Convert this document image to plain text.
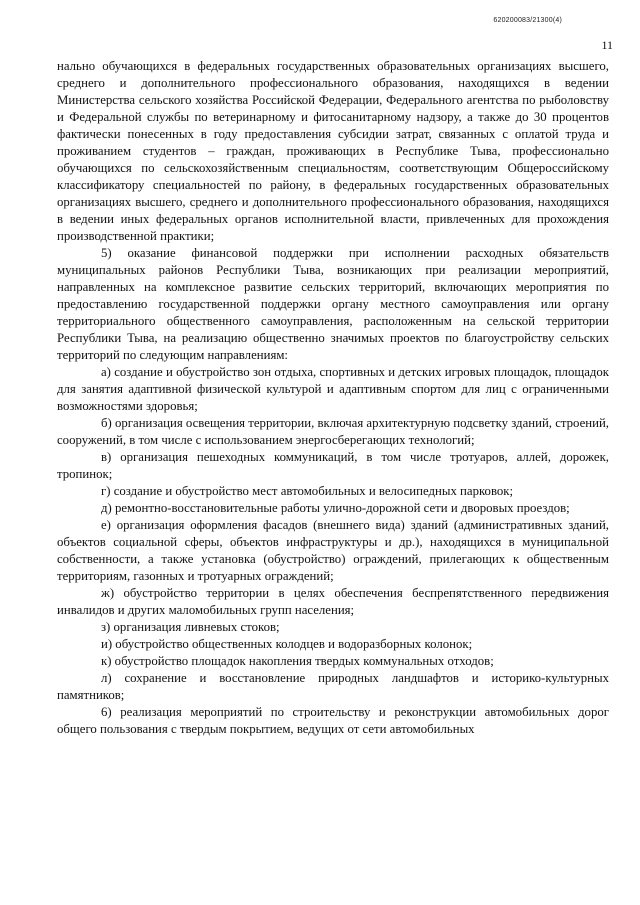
620200083/21300(4)
11

нально обучающихся в федеральных государственных образовательных организациях высшего, среднего и дополнительного профессионального образования, находящихся в ведении Министерства сельского хозяйства Российской Федерации, Федерального агентства по рыболовству и Федеральной службы по ветеринарному и фитосанитарному надзору, а также до 30 процентов фактически понесенных в году предоставления субсидии затрат, связанных с оплатой труда и проживанием студентов – граждан, проживающих в Республике Тыва, профессионально обучающихся по сельскохозяйственным специальностям, соответствующим Общероссийскому классификатору специальностей по району, в федеральных государственных образовательных организациях высшего, среднего и дополнительного профессионального образования, находящихся в ведении иных федеральных органов исполнительной власти, привлеченных для прохождения производственной практики;

5) оказание финансовой поддержки при исполнении расходных обязательств муниципальных районов Республики Тыва, возникающих при реализации мероприятий, направленных на комплексное развитие сельских территорий, включающих мероприятия по предоставлению государственной поддержки органу местного самоуправления или органу территориального общественного самоуправления, расположенным на сельской территории Республики Тыва, на реализацию общественно значимых проектов по благоустройству сельских территорий по следующим направлениям:

а) создание и обустройство зон отдыха, спортивных и детских игровых площадок, площадок для занятия адаптивной физической культурой и адаптивным спортом для лиц с ограниченными возможностями здоровья;

б) организация освещения территории, включая архитектурную подсветку зданий, строений, сооружений, в том числе с использованием энергосберегающих технологий;

в) организация пешеходных коммуникаций, в том числе тротуаров, аллей, дорожек, тропинок;

г) создание и обустройство мест автомобильных и велосипедных парковок;

д) ремонтно-восстановительные работы улично-дорожной сети и дворовых проездов;

е) организация оформления фасадов (внешнего вида) зданий (административных зданий, объектов социальной сферы, объектов инфраструктуры и др.), находящихся в муниципальной собственности, а также установка (обустройство) ограждений, прилегающих к общественным территориям, газонных и тротуарных ограждений;

ж) обустройство территории в целях обеспечения беспрепятственного передвижения инвалидов и других маломобильных групп населения;

з) организация ливневых стоков;

и) обустройство общественных колодцев и водоразборных колонок;

к) обустройство площадок накопления твердых коммунальных отходов;

л) сохранение и восстановление природных ландшафтов и историко-культурных памятников;

6) реализация мероприятий по строительству и реконструкции автомобильных дорог общего пользования с твердым покрытием, ведущих от сети автомобильных
